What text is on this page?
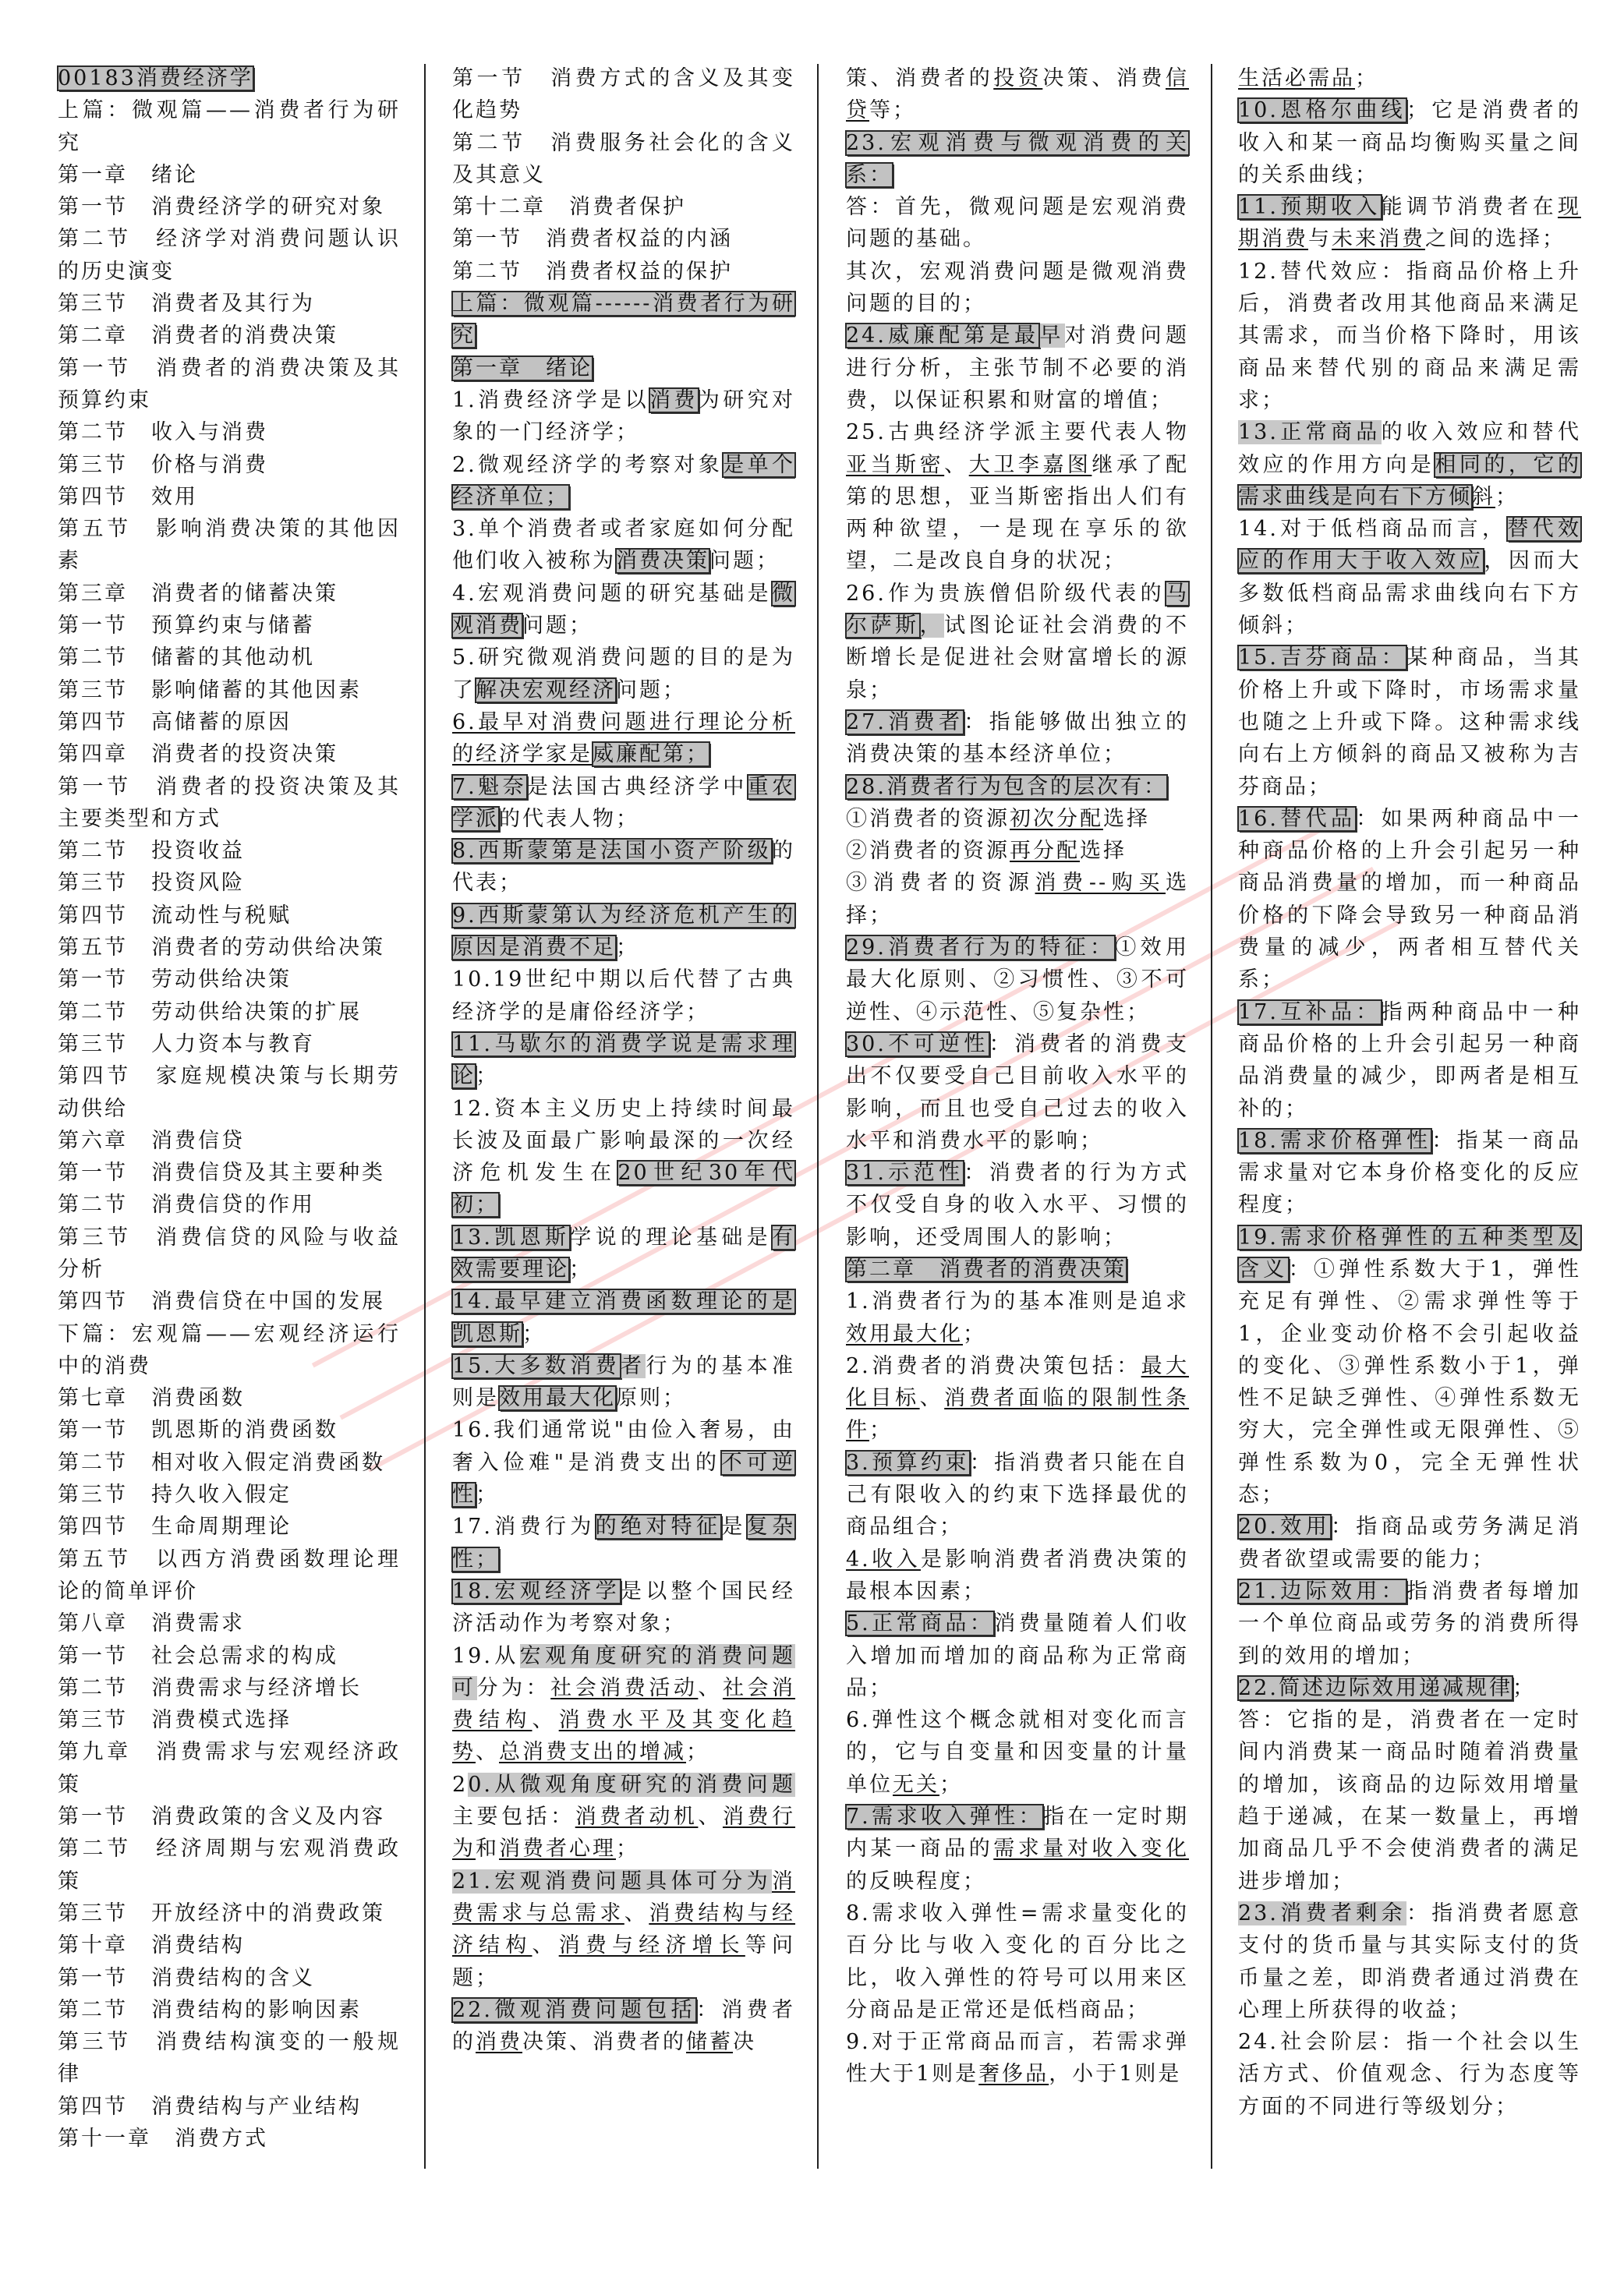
00183消费经济学

上篇：微观篇——消费者行为研究

第一章　绪论

第一节　消费经济学的研究对象

第二节　经济学对消费问题认识的历史演变

第三节　消费者及其行为

第二章　消费者的消费决策

第一节　消费者的消费决策及其预算约束

第二节　收入与消费

第三节　价格与消费

第四节　效用

第五节　影响消费决策的其他因素

第三章　消费者的储蓄决策

第一节　预算约束与储蓄

第二节　储蓄的其他动机

第三节　影响储蓄的其他因素

第四节　高储蓄的原因

第四章　消费者的投资决策

第一节　消费者的投资决策及其主要类型和方式

第二节　投资收益

第三节　投资风险

第四节　流动性与税赋

第五节　消费者的劳动供给决策

第一节　劳动供给决策

第二节　劳动供给决策的扩展

第三节　人力资本与教育

第四节　家庭规模决策与长期劳动供给

第六章　消费信贷

第一节　消费信贷及其主要种类

第二节　消费信贷的作用

第三节　消费信贷的风险与收益分析

第四节　消费信贷在中国的发展

下篇：宏观篇——宏观经济运行中的消费

第七章　消费函数

第一节　凯恩斯的消费函数

第二节　相对收入假定消费函数

第三节　持久收入假定

第四节　生命周期理论

第五节　以西方消费函数理论理论的简单评价

第八章　消费需求

第一节　社会总需求的构成

第二节　消费需求与经济增长

第三节　消费模式选择

第九章　消费需求与宏观经济政策

第一节　消费政策的含义及内容

第二节　经济周期与宏观消费政策

第三节　开放经济中的消费政策

第十章　消费结构

第一节　消费结构的含义

第二节　消费结构的影响因素

第三节　消费结构演变的一般规律

第四节　消费结构与产业结构

第十一章　消费方式

第一节　消费方式的含义及其变化趋势

第二节　消费服务社会化的含义及其意义

第十二章　消费者保护

第一节　消费者权益的内涵

第二节　消费者权益的保护

上篇：微观篇------消费者行为研究

第一章　绪论

1.消费经济学是以消费为研究对象的一门经济学；

2.微观经济学的考察对象是单个经济单位；

3.单个消费者或者家庭如何分配他们收入被称为消费决策问题；

4.宏观消费问题的研究基础是微观消费问题；

5.研究微观消费问题的目的是为了解决宏观经济问题；

6.最早对消费问题进行理论分析的经济学家是威廉配第；

7.魁奈是法国古典经济学中重农学派的代表人物；

8.西斯蒙第是法国小资产阶级的代表；

9.西斯蒙第认为经济危机产生的原因是消费不足；

10.19世纪中期以后代替了古典经济学的是庸俗经济学；

11.马歇尔的消费学说是需求理论；

12.资本主义历史上持续时间最长波及面最广影响最深的一次经济危机发生在20世纪30年代初；

13.凯恩斯学说的理论基础是有效需要理论；

14.最早建立消费函数理论的是凯恩斯；

15.大多数消费者行为的基本准则是效用最大化原则；

16.我们通常说"由俭入奢易，由奢入俭难"是消费支出的不可逆性；

17.消费行为的绝对特征是复杂性；

18.宏观经济学是以整个国民经济活动作为考察对象；

19.从宏观角度研究的消费问题可分为：社会消费活动、社会消费结构、消费水平及其变化趋势、总消费支出的增减；

20.从微观角度研究的消费问题主要包括：消费者动机、消费行为和消费者心理；

21.宏观消费问题具体可分为消费需求与总需求、消费结构与经济结构、消费与经济增长等问题；

22.微观消费问题包括：消费者的消费决策、消费者的储蓄决

策、消费者的投资决策、消费信贷等；

23.宏观消费与微观消费的关系：

答：首先，微观问题是宏观消费问题的基础。

其次，宏观消费问题是微观消费问题的目的；

24.威廉配第是最早对消费问题进行分析，主张节制不必要的消费，以保证积累和财富的增值；

25.古典经济学派主要代表人物亚当斯密、大卫李嘉图继承了配第的思想，亚当斯密指出人们有两种欲望，一是现在享乐的欲望，二是改良自身的状况；

26.作为贵族僧侣阶级代表的马尔萨斯，试图论证社会消费的不断增长是促进社会财富增长的源泉；

27.消费者：指能够做出独立的消费决策的基本经济单位；

28.消费者行为包含的层次有：

①消费者的资源初次分配选择

②消费者的资源再分配选择

③消费者的资源消费--购买选择；

29.消费者行为的特征：①效用最大化原则、②习惯性、③不可逆性、④示范性、⑤复杂性；

30.不可逆性：消费者的消费支出不仅要受自己目前收入水平的影响，而且也受自己过去的收入水平和消费水平的影响；

31.示范性：消费者的行为方式不仅受自身的收入水平、习惯的影响，还受周围人的影响；

第二章　消费者的消费决策

1.消费者行为的基本准则是追求效用最大化；

2.消费者的消费决策包括：最大化目标、消费者面临的限制性条件；

3.预算约束：指消费者只能在自己有限收入的约束下选择最优的商品组合；

4.收入是影响消费者消费决策的最根本因素；

5.正常商品：消费量随着人们收入增加而增加的商品称为正常商品；

6.弹性这个概念就相对变化而言的，它与自变量和因变量的计量单位无关；

7.需求收入弹性：指在一定时期内某一商品的需求量对收入变化的反映程度；

8.需求收入弹性=需求量变化的百分比与收入变化的百分比之比，收入弹性的符号可以用来区分商品是正常还是低档商品；

9.对于正常商品而言，若需求弹性大于1则是奢侈品，小于1则是

生活必需品；

10.恩格尔曲线；它是消费者的收入和某一商品均衡购买量之间的关系曲线；

11.预期收入能调节消费者在现期消费与未来消费之间的选择；

12.替代效应：指商品价格上升后，消费者改用其他商品来满足其需求，而当价格下降时，用该商品来替代别的商品来满足需求；

13.正常商品的收入效应和替代效应的作用方向是相同的，它的需求曲线是向右下方倾斜；

14.对于低档商品而言，替代效应的作用大于收入效应，因而大多数低档商品需求曲线向右下方倾斜；

15.吉芬商品：某种商品，当其价格上升或下降时，市场需求量也随之上升或下降。这种需求线向右上方倾斜的商品又被称为吉芬商品；

16.替代品：如果两种商品中一种商品价格的上升会引起另一种商品消费量的增加，而一种商品价格的下降会导致另一种商品消费量的减少，两者相互替代关系；

17.互补品：指两种商品中一种商品价格的上升会引起另一种商品消费量的减少，即两者是相互补的；

18.需求价格弹性：指某一商品需求量对它本身价格变化的反应程度；

19.需求价格弹性的五种类型及含义：①弹性系数大于1，弹性充足有弹性、②需求弹性等于1，企业变动价格不会引起收益的变化、③弹性系数小于1，弹性不足缺乏弹性、④弹性系数无穷大，完全弹性或无限弹性、⑤弹性系数为0，完全无弹性状态；

20.效用：指商品或劳务满足消费者欲望或需要的能力；

21.边际效用：指消费者每增加一个单位商品或劳务的消费所得到的效用的增加；

22.简述边际效用递减规律；

答：它指的是，消费者在一定时间内消费某一商品时随着消费量的增加，该商品的边际效用增量趋于递减，在某一数量上，再增加商品几乎不会使消费者的满足进步增加；

23.消费者剩余：指消费者愿意支付的货币量与其实际支付的货币量之差，即消费者通过消费在心理上所获得的收益；

24.社会阶层：指一个社会以生活方式、价值观念、行为态度等方面的不同进行等级划分；
